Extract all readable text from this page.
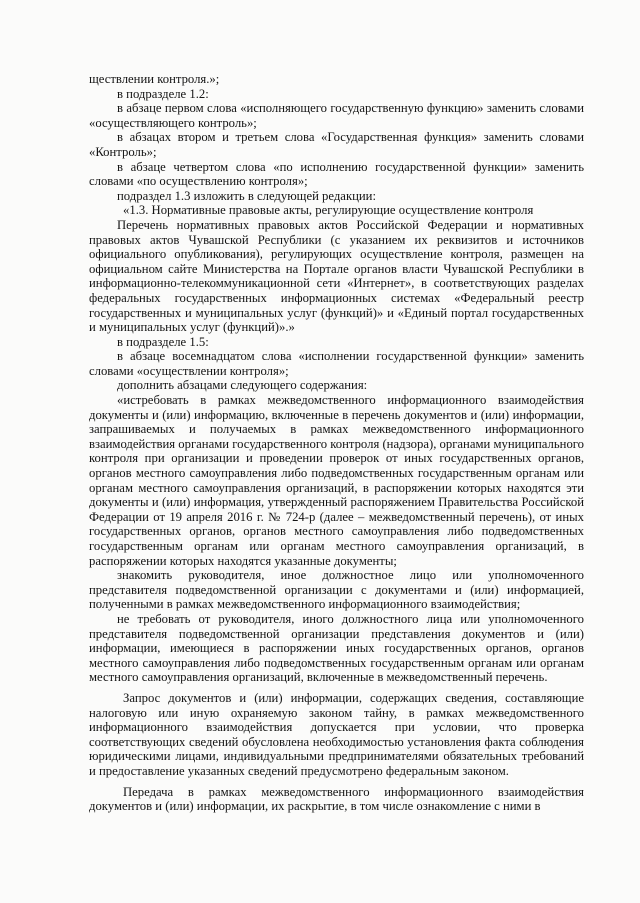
ществлении контроля.»;

в подразделе 1.2:

в абзаце первом слова «исполняющего государственную функцию» заменить словами «осуществляющего контроль»;

в абзацах втором и третьем слова «Государственная функция» заменить словами «Контроль»;

в абзаце четвертом слова «по исполнению государственной функции» заменить словами «по осуществлению контроля»;

подраздел 1.3 изложить в следующей редакции:

«1.3. Нормативные правовые акты, регулирующие осуществление контроля

Перечень нормативных правовых актов Российской Федерации и нормативных правовых актов Чувашской Республики (с указанием их реквизитов и источников официального опубликования), регулирующих осуществление контроля, размещен на официальном сайте Министерства на Портале органов власти Чувашской Республики в информационно-телекоммуникационной сети «Интернет», в соответствующих разделах федеральных государственных информационных системах «Федеральный реестр государственных и муниципальных услуг (функций)» и «Единый портал государственных и муниципальных услуг (функций)».»

в подразделе 1.5:

в абзаце восемнадцатом слова «исполнении государственной функции» заменить словами «осуществлении контроля»;

дополнить абзацами следующего содержания:

«истребовать в рамках межведомственного информационного взаимодействия документы и (или) информацию, включенные в перечень документов и (или) информации, запрашиваемых и получаемых в рамках межведомственного информационного взаимодействия органами государственного контроля (надзора), органами муниципального контроля при организации и проведении проверок от иных государственных органов, органов местного самоуправления либо подведомственных государственным органам или органам местного самоуправления организаций, в распоряжении которых находятся эти документы и (или) информация, утвержденный распоряжением Правительства Российской Федерации от 19 апреля 2016 г. № 724-р (далее – межведомственный перечень), от иных государственных органов, органов местного самоуправления либо подведомственных государственным органам или органам местного самоуправления организаций, в распоряжении которых находятся указанные документы;

знакомить руководителя, иное должностное лицо или уполномоченного представителя подведомственной организации с документами и (или) информацией, полученными в рамках межведомственного информационного взаимодействия;

не требовать от руководителя, иного должностного лица или уполномоченного представителя подведомственной организации представления документов и (или) информации, имеющиеся в распоряжении иных государственных органов, органов местного самоуправления либо подведомственных государственным органам или органам местного самоуправления организаций, включенные в межведомственный перечень.

Запрос документов и (или) информации, содержащих сведения, составляющие налоговую или иную охраняемую законом тайну, в рамках межведомственного информационного взаимодействия допускается при условии, что проверка соответствующих сведений обусловлена необходимостью установления факта соблюдения юридическими лицами, индивидуальными предпринимателями обязательных требований и предоставление указанных сведений предусмотрено федеральным законом.

Передача в рамках межведомственного информационного взаимодействия документов и (или) информации, их раскрытие, в том числе ознакомление с ними в
